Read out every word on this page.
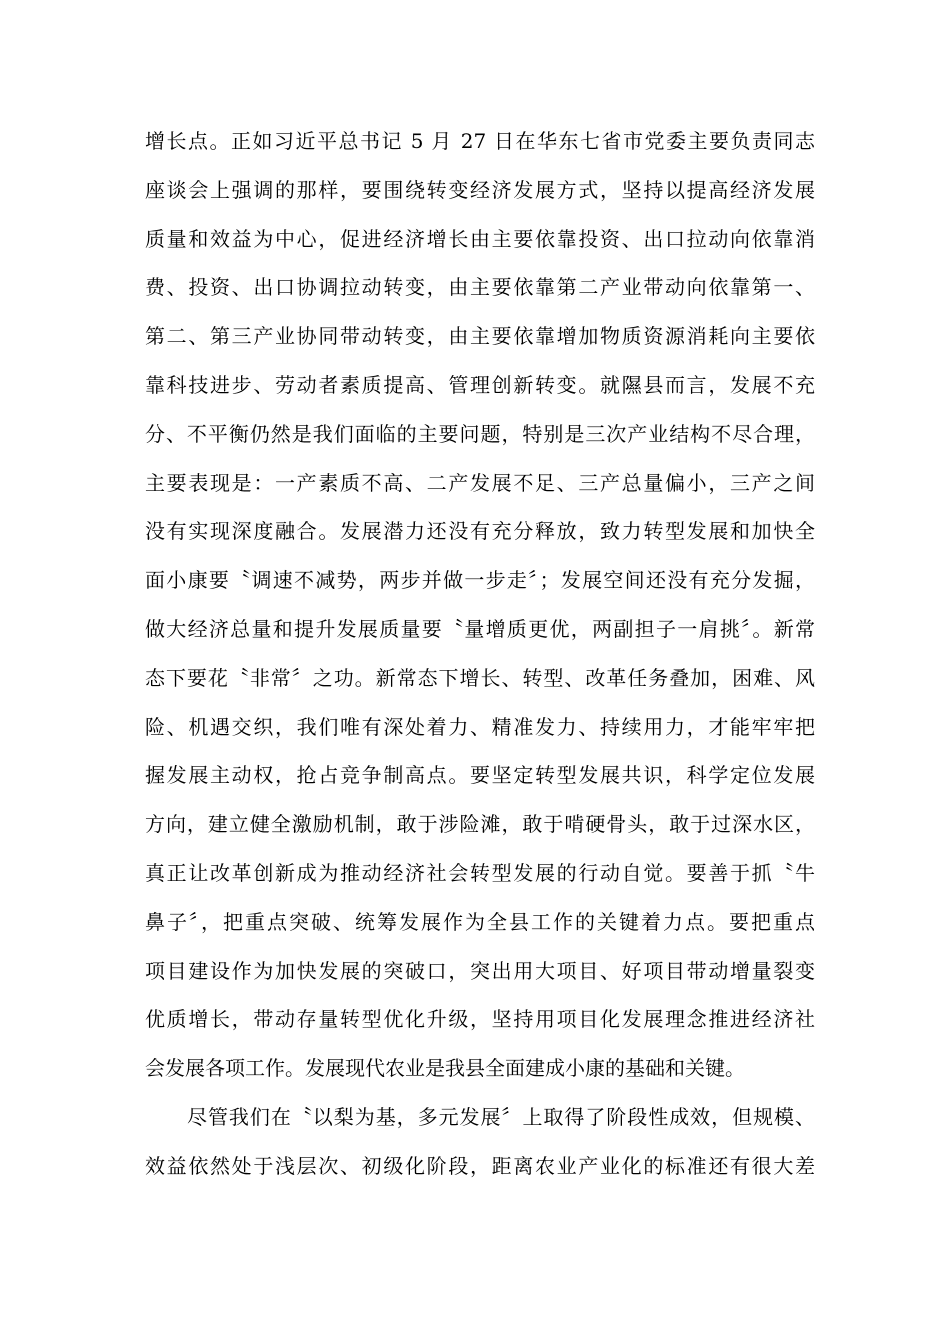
增长点。正如习近平总书记 5 月 27 日在华东七省市党委主要负责同志
座谈会上强调的那样，要围绕转变经济发展方式，坚持以提高经济发展
质量和效益为中心，促进经济增长由主要依靠投资、出口拉动向依靠消
费、投资、出口协调拉动转变，由主要依靠第二产业带动向依靠第一、
第二、第三产业协同带动转变，由主要依靠增加物质资源消耗向主要依
靠科技进步、劳动者素质提高、管理创新转变。就隰县而言，发展不充
分、不平衡仍然是我们面临的主要问题，特别是三次产业结构不尽合理，
主要表现是：一产素质不高、二产发展不足、三产总量偏小，三产之间
没有实现深度融合。发展潜力还没有充分释放，致力转型发展和加快全
面小康要〝调速不减势，两步并做一步走〞；发展空间还没有充分发掘，
做大经济总量和提升发展质量要〝量增质更优，两副担子一肩挑〞。新常
态下要花〝非常〞之功。新常态下增长、转型、改革任务叠加，困难、风
险、机遇交织，我们唯有深处着力、精准发力、持续用力，才能牢牢把
握发展主动权，抢占竞争制高点。要坚定转型发展共识，科学定位发展
方向，建立健全激励机制，敢于涉险滩，敢于啃硬骨头，敢于过深水区，
真正让改革创新成为推动经济社会转型发展的行动自觉。要善于抓〝牛
鼻子〞，把重点突破、统筹发展作为全县工作的关键着力点。要把重点
项目建设作为加快发展的突破口，突出用大项目、好项目带动增量裂变
优质增长，带动存量转型优化升级，坚持用项目化发展理念推进经济社
会发展各项工作。发展现代农业是我县全面建成小康的基础和关键。
尽管我们在〝以梨为基，多元发展〞上取得了阶段性成效，但规模、
效益依然处于浅层次、初级化阶段，距离农业产业化的标准还有很大差
